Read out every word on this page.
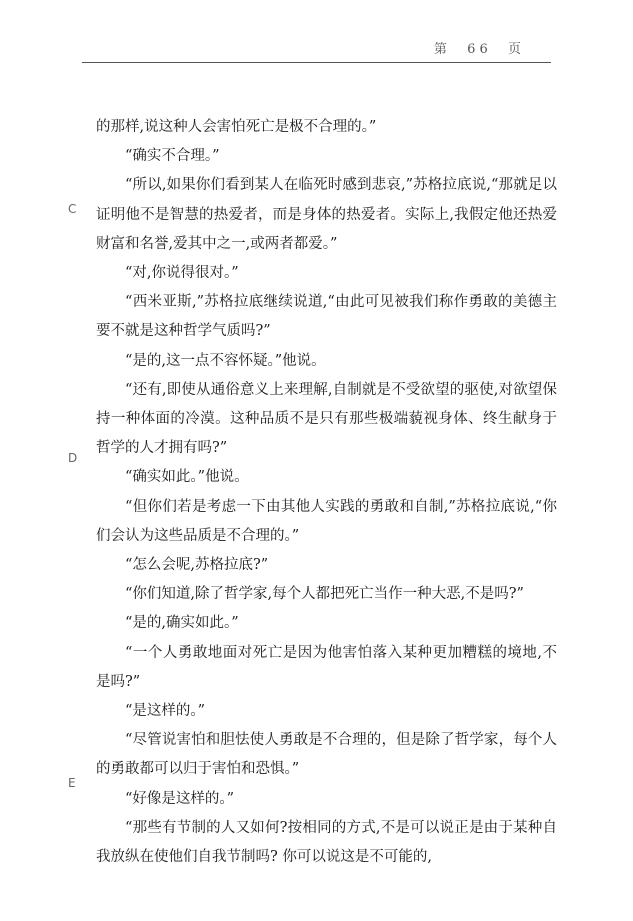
第  66  页
C
D
E

的那样,说这种人会害怕死亡是极不合理的。”

“确实不合理。”

“所以,如果你们看到某人在临死时感到悲哀,”苏格拉底说,“那就足以证明他不是智慧的热爱者，而是身体的热爱者。实际上,我假定他还热爱财富和名誉,爱其中之一,或两者都爱。”

“对,你说得很对。”

“西米亚斯,”苏格拉底继续说道,“由此可见被我们称作勇敢的美德主要不就是这种哲学气质吗?”

“是的,这一点不容怀疑。”他说。

“还有,即使从通俗意义上来理解,自制就是不受欲望的驱使,对欲望保持一种体面的冷漠。这种品质不是只有那些极端藐视身体、终生献身于哲学的人才拥有吗?”

“确实如此。”他说。

“但你们若是考虑一下由其他人实践的勇敢和自制,”苏格拉底说,“你们会认为这些品质是不合理的。”

“怎么会呢,苏格拉底?”

“你们知道,除了哲学家,每个人都把死亡当作一种大恶,不是吗?”

“是的,确实如此。”

“一个人勇敢地面对死亡是因为他害怕落入某种更加糟糕的境地,不是吗?”

“是这样的。”

“尽管说害怕和胆怯使人勇敢是不合理的，但是除了哲学家，每个人的勇敢都可以归于害怕和恐惧。”

“好像是这样的。”

“那些有节制的人又如何?按相同的方式,不是可以说正是由于某种自我放纵在使他们自我节制吗? 你可以说这是不可能的,
